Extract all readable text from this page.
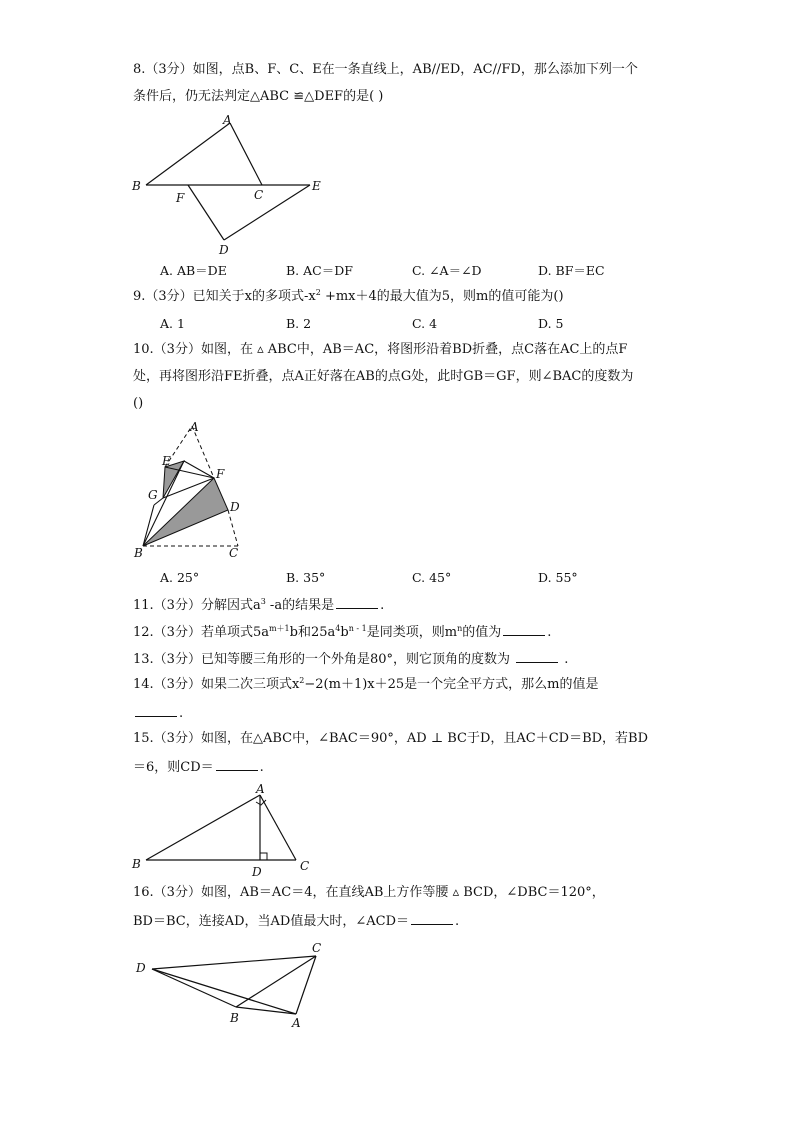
8.（3分）如图，点B、F、C、E在一条直线上，AB//ED，AC//FD，那么添加下列一个
条件后，仍无法判定△ABC ≌△DEF的是( )
A
B
F	C
E
D
A. AB＝DE	B. AC＝DF	C. ∠A＝∠D	D. BF＝EC
9.（3分）已知关于x的多项式$-x^2 +mx+4$的最大值为5，则m的值可能为()
A. 1	B. 2	C. 4	D. 5
10.（3分）如图，在 ▵ ABC中，AB＝AC，将图形沿着BD折叠，点C落在AC上的点F
处，再将图形沿FE折叠，点A正好落在AB的点G处，此时GB＝GF，则∠BAC的度数为
()
A
E
F
G
D
B	C
A. 25°	B. 35°	C. 45°	D. 55°
11.（3分）分解因式$a^3$ -a的结果是	.
12.（3分）若单项式$5a^{m+1}b$和$25a^4b^{n - 1}$是同类项，则$m^n$的值为	.
13.（3分）已知等腰三角形的一个外角是80°，则它顶角的度数为	.
14.（3分）如果二次三项式$x^2-2(m+1)x+25$是一个完全平方式，那么m的值是
.
15.（3分）如图，在△ABC中，∠BAC＝90°，AD ⊥ BC于D，且AC＋CD＝BD，若BD
＝6，则CD＝	.
A
B
D	C
16.（3分）如图，AB＝AC＝4，在直线AB上方作等腰 ▵ BCD，∠DBC＝120°，
BD＝BC，连接AD，当AD值最大时，∠ACD＝	.
C
D
B	A
